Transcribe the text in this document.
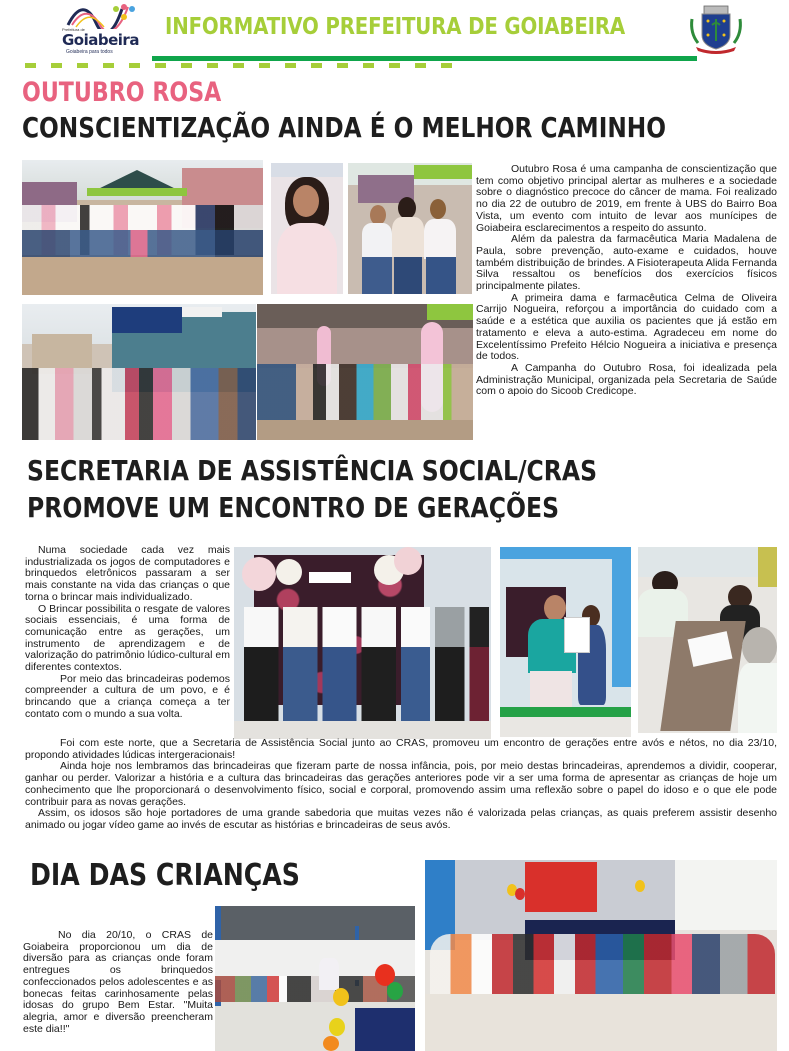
Prefeitura de
Goiabeira
Goiabeira para todos
INFORMATIVO PREFEITURA DE GOIABEIRA
OUTUBRO ROSA
CONSCIENTIZAÇÃO AINDA É O MELHOR CAMINHO

Outubro Rosa é uma campanha de conscientização que tem como objetivo principal alertar as mulheres e a sociedade sobre o diagnóstico precoce do câncer de mama. Foi realizado no dia 22 de outubro de 2019, em frente à UBS do Bairro Boa Vista, um evento com intuito de levar aos munícipes de Goiabeira esclarecimentos a respeito do assunto.

Além da palestra da farmacêutica Maria Madalena de Paula, sobre prevenção, auto-exame e cuidados, houve também distribuição de brindes. A Fisioterapeuta Alida Fernanda Silva ressaltou os benefícios dos exercícios físicos principalmente pilates.

A primeira dama e farmacêutica Celma de Oliveira Carrijo Nogueira, reforçou a importância do cuidado com a saúde e a estética que auxilia os pacientes que já estão em tratamento e eleva a auto-estima. Agradeceu em nome do Excelentíssimo Prefeito Hélcio Nogueira a iniciativa e presença de todos.

A Campanha do Outubro Rosa, foi idealizada pela Administração Municipal, organizada pela Secretaria de Saúde com o apoio do Sicoob Credicope.

SECRETARIA DE ASSISTÊNCIA SOCIAL/CRAS
PROMOVE UM ENCONTRO DE GERAÇÕES

Numa sociedade cada vez mais industrializada os jogos de computadores e brinquedos eletrônicos passaram a ser mais constante na vida das crianças o que torna o brincar mais individualizado.

O Brincar possibilita o resgate de valores sociais essenciais, é uma forma de comunicação entre as gerações, um instrumento de aprendizagem e de valorização do patrimônio lúdico-cultural em diferentes contextos.

Por meio das brincadeiras podemos compreender a cultura de um povo, e é brincando que a criança começa a ter contato com o mundo a sua volta.

Foi com este norte, que a Secretaria de Assistência Social junto ao CRAS, promoveu um encontro de gerações entre avós e nétos, no dia 23/10, propondo atividades lúdicas intergeracionais!

Ainda hoje nos lembramos das brincadeiras que fizeram parte de nossa infância, pois, por meio destas brincadeiras, aprendemos a dividir, cooperar, ganhar ou perder. Valorizar a história e a cultura das brincadeiras das gerações anteriores pode vir a ser uma forma de apresentar as crianças de hoje um conhecimento que lhe proporcionará o desenvolvimento físico, social e corporal, promovendo assim uma reflexão sobre o papel do idoso e o que ele pode contribuir para as novas gerações.

Assim, os idosos são hoje portadores de uma grande sabedoria que muitas vezes não é valorizada pelas crianças, as quais preferem assistir desenho animado ou jogar vídeo game ao invés de escutar as histórias e brincadeiras de seus avós.

DIA DAS CRIANÇAS

No dia 20/10, o CRAS de Goiabeira proporcionou um dia de diversão para as crianças onde foram entregues os brinquedos confeccionados pelos adolescentes e as bonecas feitas carinhosamente pelas idosas do grupo Bem Estar. "Muita alegria, amor e diversão preencheram este dia!!"
